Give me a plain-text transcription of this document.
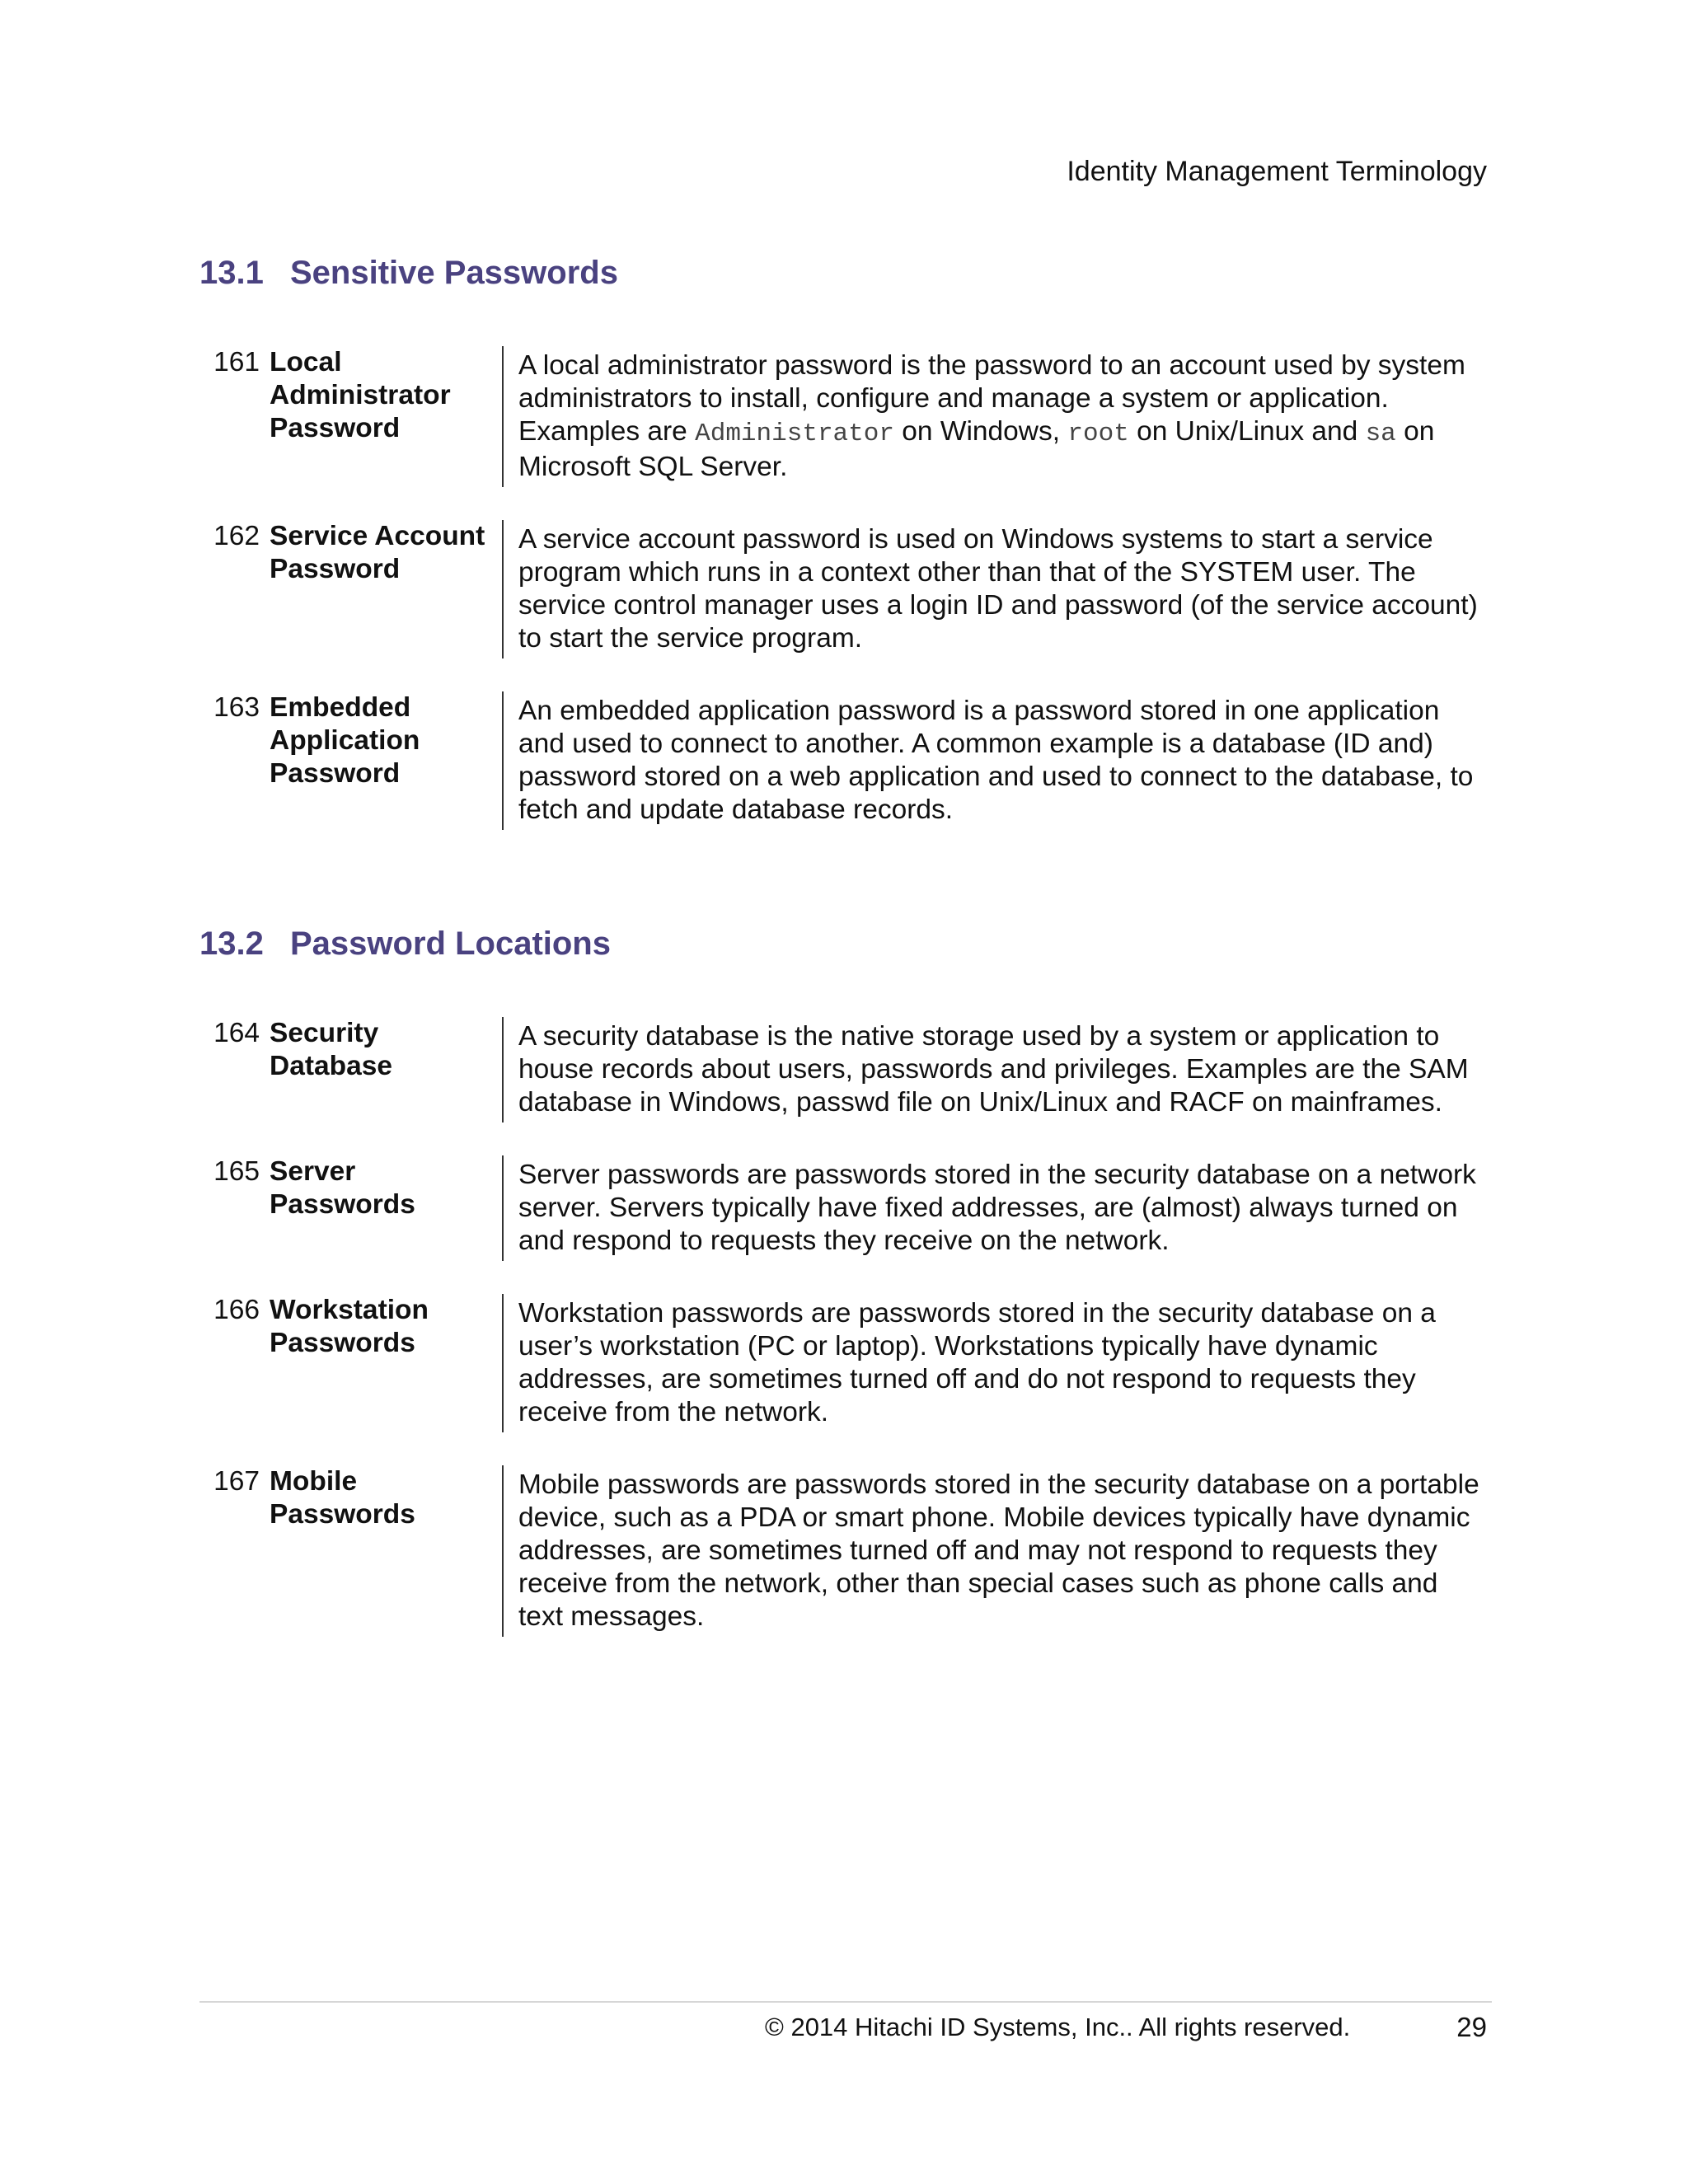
Identity Management Terminology
13.1 Sensitive Passwords
161 Local Administrator Password
A local administrator password is the password to an account used by system administrators to install, configure and manage a system or application. Examples are Administrator on Windows, root on Unix/Linux and sa on Microsoft SQL Server.
162 Service Account Password
A service account password is used on Windows systems to start a service program which runs in a context other than that of the SYSTEM user. The service control manager uses a login ID and password (of the service account) to start the service program.
163 Embedded Application Password
An embedded application password is a password stored in one application and used to connect to another. A common example is a database (ID and) password stored on a web application and used to connect to the database, to fetch and update database records.
13.2 Password Locations
164 Security Database
A security database is the native storage used by a system or application to house records about users, passwords and privileges. Examples are the SAM database in Windows, passwd file on Unix/Linux and RACF on mainframes.
165 Server Passwords
Server passwords are passwords stored in the security database on a network server. Servers typically have fixed addresses, are (almost) always turned on and respond to requests they receive on the network.
166 Workstation Passwords
Workstation passwords are passwords stored in the security database on a user’s workstation (PC or laptop). Workstations typically have dynamic addresses, are sometimes turned off and do not respond to requests they receive from the network.
167 Mobile Passwords
Mobile passwords are passwords stored in the security database on a portable device, such as a PDA or smart phone. Mobile devices typically have dynamic addresses, are sometimes turned off and may not respond to requests they receive from the network, other than special cases such as phone calls and text messages.
© 2014 Hitachi ID Systems, Inc.. All rights reserved.	29
